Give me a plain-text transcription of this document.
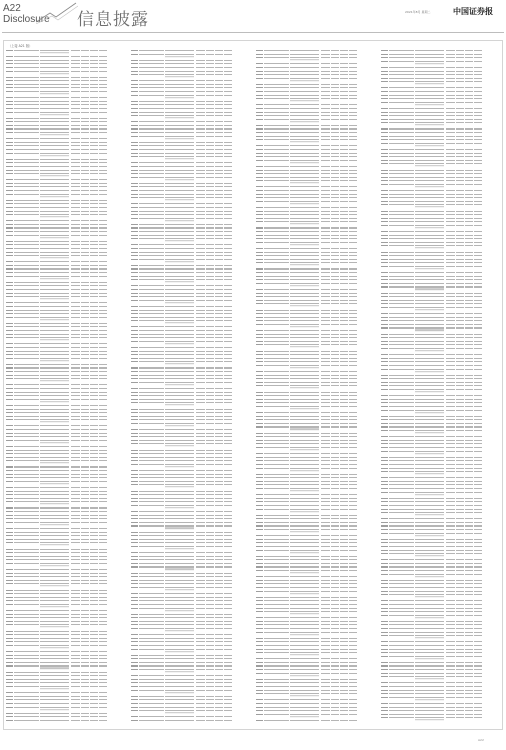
A22
Disclosure 信息披露	2021年8月 星期二	中国证券报
（上接 A21 版）
A22
